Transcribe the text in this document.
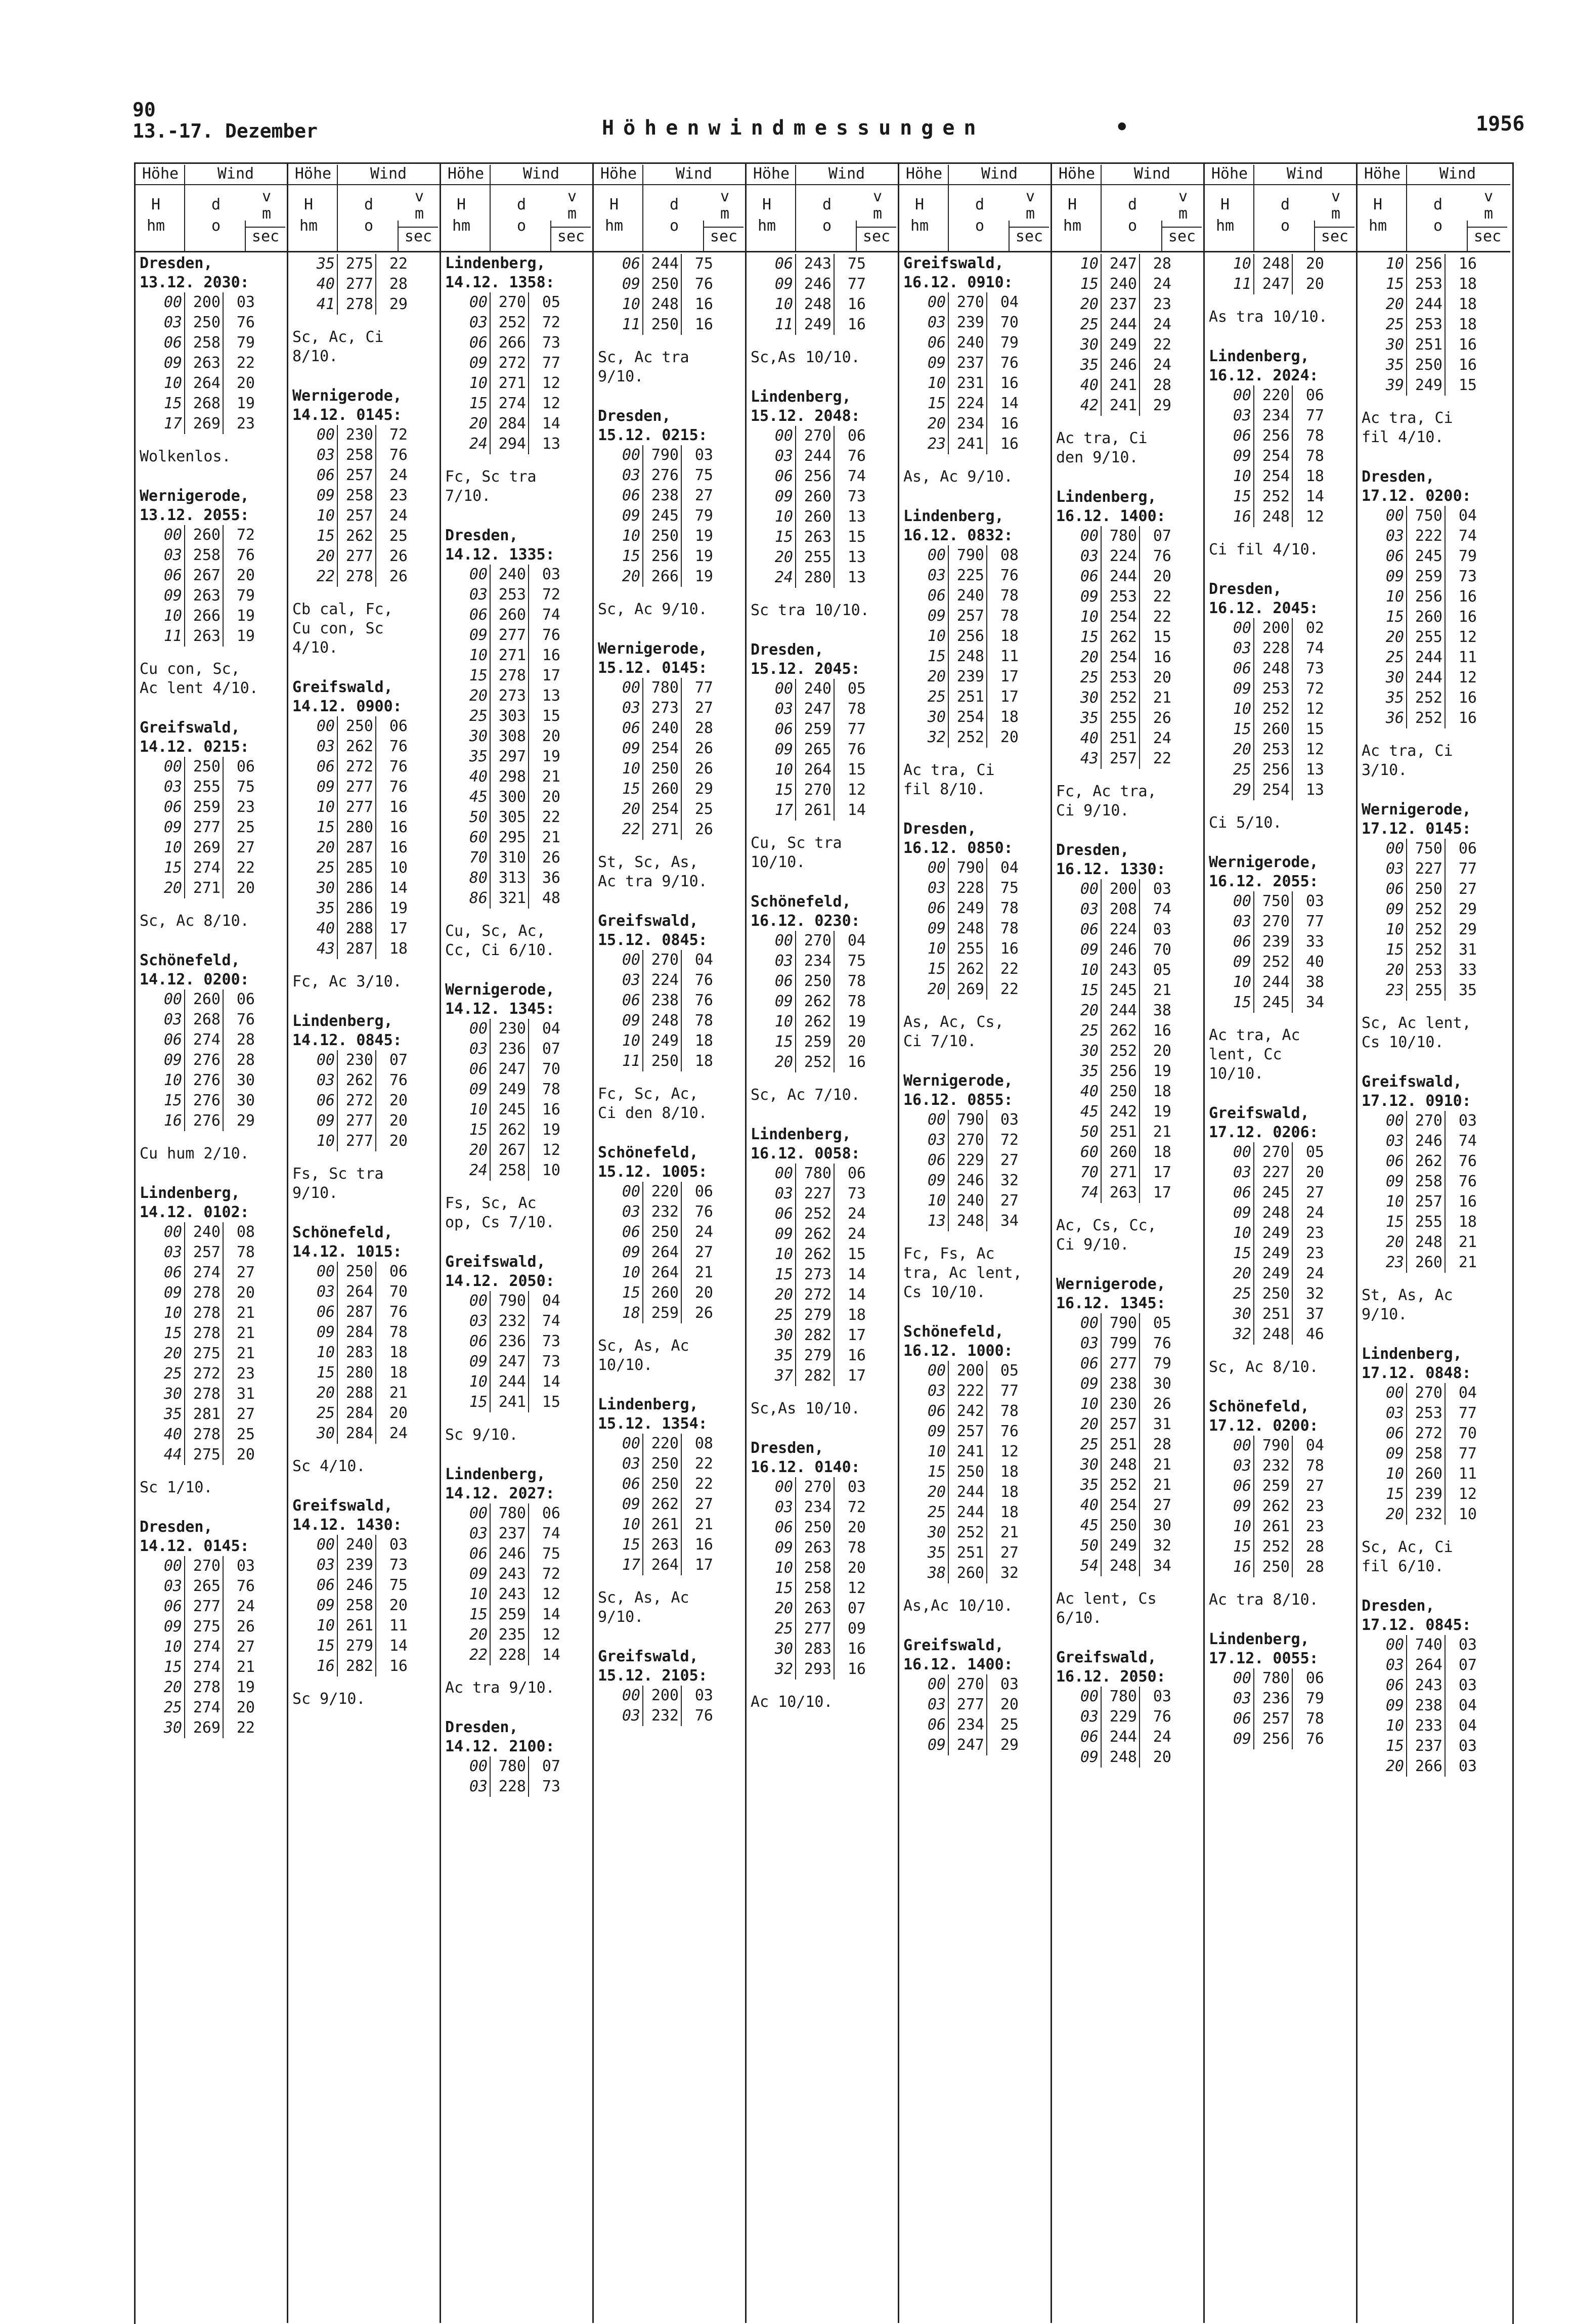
90
13.-17. Dezember	Höhenwindmessungen	•	1956
Höhe	Wind
H
hm
d
o
v
m
sec
Dresden,
13.12. 2030:
00 200	03
03 250	76
06 258	79
09 263	22
10 264	20
15 268	19
17 269	23
Wolkenlos.
Wernigerode,
13.12. 2055:
00 260	72
03 258	76
06 267	20
09 263	79
10 266	19
11 263	19
Cu con, Sc,
Ac lent 4/10.
Greifswald,
14.12. 0215:
00 250	06
03 255	75
06 259	23
09 277	25
10 269	27
15 274	22
20 271	20
Sc, Ac 8/10.
Schönefeld,
14.12. 0200:
00 260	06
03 268	76
06 274	28
09 276	28
10 276	30
15 276	30
16 276	29
Cu hum 2/10.
Lindenberg,
14.12. 0102:
00 240	08
03 257	78
06 274	27
09 278	20
10 278	21
15 278	21
20 275	21
25 272	23
30 278	31
35 281	27
40 278	25
44 275	20
Sc 1/10.
Dresden,
14.12. 0145:
00 270	03
03 265	76
06 277	24
09 275	26
10 274	27
15 274	21
20 278	19
25 274	20
30 269	22
Höhe	Wind
H
hm
d
o
v
m
sec
35 275	22
40 277	28
41 278	29
Sc, Ac, Ci
8/10.
Wernigerode,
14.12. 0145:
00 230	72
03 258	76
06 257	24
09 258	23
10 257	24
15 262	25
20 277	26
22 278	26
Cb cal, Fc,
Cu con, Sc
4/10.
Greifswald,
14.12. 0900:
00 250	06
03 262	76
06 272	76
09 277	76
10 277	16
15 280	16
20 287	16
25 285	10
30 286	14
35 286	19
40 288	17
43 287	18
Fc, Ac 3/10.
Lindenberg,
14.12. 0845:
00 230	07
03 262	76
06 272	20
09 277	20
10 277	20
Fs, Sc tra
9/10.
Schönefeld,
14.12. 1015:
00 250	06
03 264	70
06 287	76
09 284	78
10 283	18
15 280	18
20 288	21
25 284	20
30 284	24
Sc 4/10.
Greifswald,
14.12. 1430:
00 240	03
03 239	73
06 246	75
09 258	20
10 261	11
15 279	14
16 282	16
Sc 9/10.
Höhe	Wind
H
hm
d
o
v
m
sec
Lindenberg,
14.12. 1358:
00 270	05
03 252	72
06 266	73
09 272	77
10 271	12
15 274	12
20 284	14
24 294	13
Fc, Sc tra
7/10.
Dresden,
14.12. 1335:
00 240	03
03 253	72
06 260	74
09 277	76
10 271	16
15 278	17
20 273	13
25 303	15
30 308	20
35 297	19
40 298	21
45 300	20
50 305	22
60 295	21
70 310	26
80 313	36
86 321	48
Cu, Sc, Ac,
Cc, Ci 6/10.
Wernigerode,
14.12. 1345:
00 230	04
03 236	07
06 247	70
09 249	78
10 245	16
15 262	19
20 267	12
24 258	10
Fs, Sc, Ac
op, Cs 7/10.
Greifswald,
14.12. 2050:
00 790	04
03 232	74
06 236	73
09 247	73
10 244	14
15 241	15
Sc 9/10.
Lindenberg,
14.12. 2027:
00 780	06
03 237	74
06 246	75
09 243	72
10 243	12
15 259	14
20 235	12
22 228	14
Ac tra 9/10.
Dresden,
14.12. 2100:
00 780	07
03 228	73
Höhe	Wind
H
hm
d
o
v
m
sec
06 244	75
09 250	76
10 248	16
11 250	16
Sc, Ac tra
9/10.
Dresden,
15.12. 0215:
00 790	03
03 276	75
06 238	27
09 245	79
10 250	19
15 256	19
20 266	19
Sc, Ac 9/10.
Wernigerode,
15.12. 0145:
00 780	77
03 273	27
06 240	28
09 254	26
10 250	26
15 260	29
20 254	25
22 271	26
St, Sc, As,
Ac tra 9/10.
Greifswald,
15.12. 0845:
00 270	04
03 224	76
06 238	76
09 248	78
10 249	18
11 250	18
Fc, Sc, Ac,
Ci den 8/10.
Schönefeld,
15.12. 1005:
00 220	06
03 232	76
06 250	24
09 264	27
10 264	21
15 260	20
18 259	26
Sc, As, Ac
10/10.
Lindenberg,
15.12. 1354:
00 220	08
03 250	22
06 250	22
09 262	27
10 261	21
15 263	16
17 264	17
Sc, As, Ac
9/10.
Greifswald,
15.12. 2105:
00 200	03
03 232	76
Höhe	Wind
H
hm
d
o
v
m
sec
06 243	75
09 246	77
10 248	16
11 249	16
Sc,As 10/10.
Lindenberg,
15.12. 2048:
00 270	06
03 244	76
06 256	74
09 260	73
10 260	13
15 263	15
20 255	13
24 280	13
Sc tra 10/10.
Dresden,
15.12. 2045:
00 240	05
03 247	78
06 259	77
09 265	76
10 264	15
15 270	12
17 261	14
Cu, Sc tra
10/10.
Schönefeld,
16.12. 0230:
00 270	04
03 234	75
06 250	78
09 262	78
10 262	19
15 259	20
20 252	16
Sc, Ac 7/10.
Lindenberg,
16.12. 0058:
00 780	06
03 227	73
06 252	24
09 262	24
10 262	15
15 273	14
20 272	14
25 279	18
30 282	17
35 279	16
37 282	17
Sc,As 10/10.
Dresden,
16.12. 0140:
00 270	03
03 234	72
06 250	20
09 263	78
10 258	20
15 258	12
20 263	07
25 277	09
30 283	16
32 293	16
Ac 10/10.
Höhe	Wind
H
hm
d
o
v
m
sec
Greifswald,
16.12. 0910:
00 270	04
03 239	70
06 240	79
09 237	76
10 231	16
15 224	14
20 234	16
23 241	16
As, Ac 9/10.
Lindenberg,
16.12. 0832:
00 790	08
03 225	76
06 240	78
09 257	78
10 256	18
15 248	11
20 239	17
25 251	17
30 254	18
32 252	20
Ac tra, Ci
fil 8/10.
Dresden,
16.12. 0850:
00 790	04
03 228	75
06 249	78
09 248	78
10 255	16
15 262	22
20 269	22
As, Ac, Cs,
Ci 7/10.
Wernigerode,
16.12. 0855:
00 790	03
03 270	72
06 229	27
09 246	32
10 240	27
13 248	34
Fc, Fs, Ac
tra, Ac lent,
Cs 10/10.
Schönefeld,
16.12. 1000:
00 200	05
03 222	77
06 242	78
09 257	76
10 241	12
15 250	18
20 244	18
25 244	18
30 252	21
35 251	27
38 260	32
As,Ac 10/10.
Greifswald,
16.12. 1400:
00 270	03
03 277	20
06 234	25
09 247	29
Höhe	Wind
H
hm
d
o
v
m
sec
10 247	28
15 240	24
20 237	23
25 244	24
30 249	22
35 246	24
40 241	28
42 241	29
Ac tra, Ci
den 9/10.
Lindenberg,
16.12. 1400:
00 780	07
03 224	76
06 244	20
09 253	22
10 254	22
15 262	15
20 254	16
25 253	20
30 252	21
35 255	26
40 251	24
43 257	22
Fc, Ac tra,
Ci 9/10.
Dresden,
16.12. 1330:
00 200	03
03 208	74
06 224	03
09 246	70
10 243	05
15 245	21
20 244	38
25 262	16
30 252	20
35 256	19
40 250	18
45 242	19
50 251	21
60 260	18
70 271	17
74 263	17
Ac, Cs, Cc,
Ci 9/10.
Wernigerode,
16.12. 1345:
00 790	05
03 799	76
06 277	79
09 238	30
10 230	26
20 257	31
25 251	28
30 248	21
35 252	21
40 254	27
45 250	30
50 249	32
54 248	34
Ac lent, Cs
6/10.
Greifswald,
16.12. 2050:
00 780	03
03 229	76
06 244	24
09 248	20
Höhe	Wind
H
hm
d
o
v
m
sec
10 248	20
11 247	20
As tra 10/10.
Lindenberg,
16.12. 2024:
00 220	06
03 234	77
06 256	78
09 254	78
10 254	18
15 252	14
16 248	12
Ci fil 4/10.
Dresden,
16.12. 2045:
00 200	02
03 228	74
06 248	73
09 253	72
10 252	12
15 260	15
20 253	12
25 256	13
29 254	13
Ci 5/10.
Wernigerode,
16.12. 2055:
00 750	03
03 270	77
06 239	33
09 252	40
10 244	38
15 245	34
Ac tra, Ac
lent, Cc
10/10.
Greifswald,
17.12. 0206:
00 270	05
03 227	20
06 245	27
09 248	24
10 249	23
15 249	23
20 249	24
25 250	32
30 251	37
32 248	46
Sc, Ac 8/10.
Schönefeld,
17.12. 0200:
00 790	04
03 232	78
06 259	27
09 262	23
10 261	23
15 252	28
16 250	28
Ac tra 8/10.
Lindenberg,
17.12. 0055:
00 780	06
03 236	79
06 257	78
09 256	76
Höhe	Wind
H
hm
d
o
v
m
sec
10 256	16
15 253	18
20 244	18
25 253	18
30 251	16
35 250	16
39 249	15
Ac tra, Ci
fil 4/10.
Dresden,
17.12. 0200:
00 750	04
03 222	74
06 245	79
09 259	73
10 256	16
15 260	16
20 255	12
25 244	11
30 244	12
35 252	16
36 252	16
Ac tra, Ci
3/10.
Wernigerode,
17.12. 0145:
00 750	06
03 227	77
06 250	27
09 252	29
10 252	29
15 252	31
20 253	33
23 255	35
Sc, Ac lent,
Cs 10/10.
Greifswald,
17.12. 0910:
00 270	03
03 246	74
06 262	76
09 258	76
10 257	16
15 255	18
20 248	21
23 260	21
St, As, Ac
9/10.
Lindenberg,
17.12. 0848:
00 270	04
03 253	77
06 272	70
09 258	77
10 260	11
15 239	12
20 232	10
Sc, Ac, Ci
fil 6/10.
Dresden,
17.12. 0845:
00 740	03
03 264	07
06 243	03
09 238	04
10 233	04
15 237	03
20 266	03
